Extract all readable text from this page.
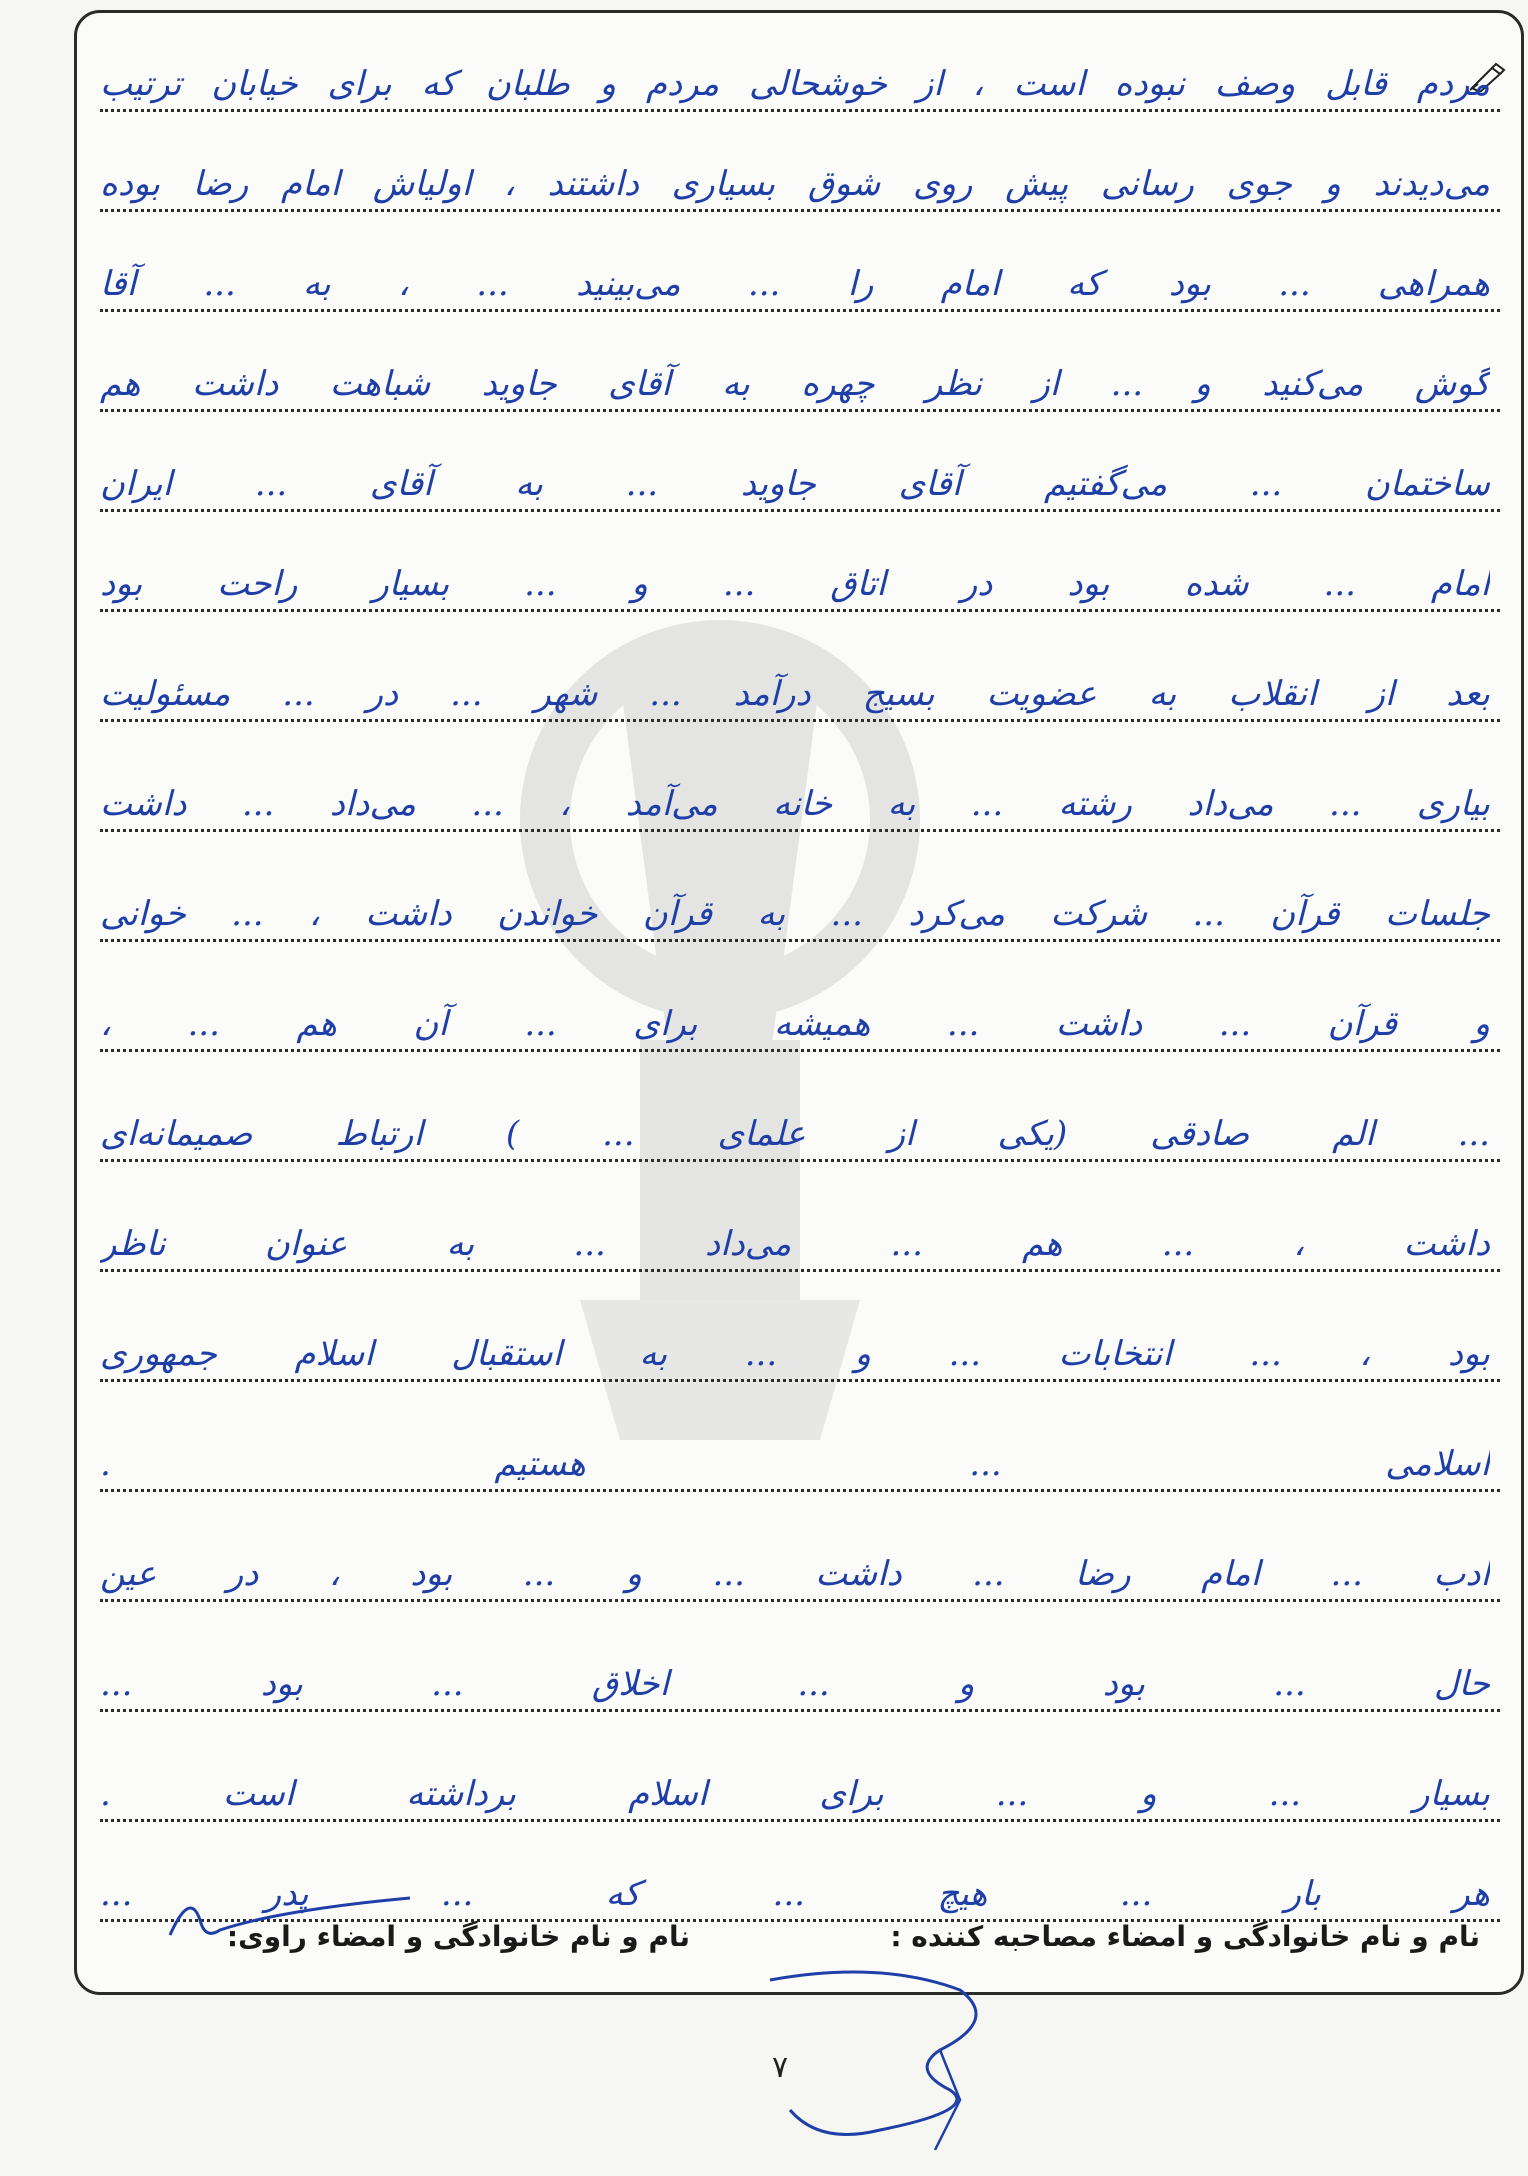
مردم قابل وصف نبوده است ، از خوشحالی مردم و طلبان که برای خیابان ترتیب
می‌دیدند و جوی رسانی پیش روی شوق بسیاری داشتند ، اولیاش امام رضا بوده
همراهی ... بود که امام را ... می‌بینید ... ، به ... آقا
گوش می‌کنید و ... از نظر چهره به آقای جاوید شباهت داشت هم
ساختمان ... می‌گفتیم آقای جاوید ... به آقای ... ایران
امام ... شده بود در اتاق ... و ... بسیار راحت بود
بعد از انقلاب به عضویت بسیج درآمد ... شهر ... در ... مسئولیت
بیاری ... می‌داد رشته ... به خانه می‌آمد ، ... می‌داد ... داشت
جلسات قرآن ... شرکت می‌کرد ... به قرآن خواندن داشت ، ... خوانی
و قرآن ... داشت ... همیشه برای ... آن هم ... ،
... الم صادقی (یکی از علمای ... ) ارتباط صمیمانه‌ای
داشت ، ... هم ... می‌داد ... به عنوان ناظر
بود ، ... انتخابات ... و ... به استقبال اسلام جمهوری
اسلامی ... هستیم .
ادب ... امام رضا ... داشت ... و ... بود ، در عین
حال ... بود و ... اخلاق ... بود ...
بسیار ... و ... برای اسلام برداشته است .
هر بار ... هیچ ... که ... پدر ...
نام و نام خانوادگی و امضاء مصاحبه کننده :
نام و نام خانوادگی و امضاء راوی:
۷
